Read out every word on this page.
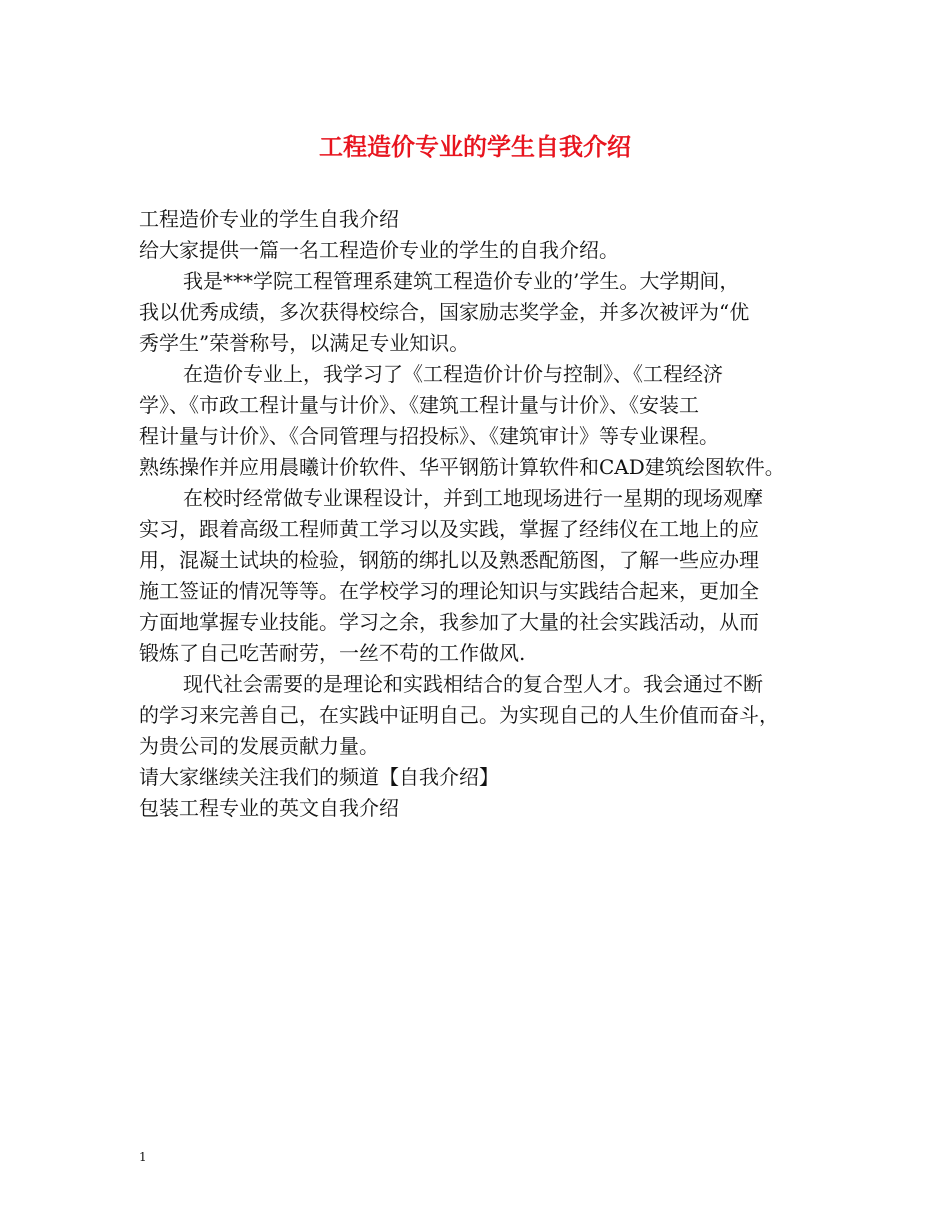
工程造价专业的学生自我介绍
工程造价专业的学生自我介绍
给大家提供一篇一名工程造价专业的学生的自我介绍。
我是***学院工程管理系建筑工程造价专业的’学生。大学期间，
我以优秀成绩，多次获得校综合，国家励志奖学金，并多次被评为“优
秀学生”荣誉称号，以满足专业知识。
在造价专业上，我学习了《工程造价计价与控制》、《工程经济
学》、《市政工程计量与计价》、《建筑工程计量与计价》、《安装工
程计量与计价》、《合同管理与招投标》、《建筑审计》等专业课程。
熟练操作并应用晨曦计价软件、华平钢筋计算软件和CAD建筑绘图软件。
在校时经常做专业课程设计，并到工地现场进行一星期的现场观摩
实习，跟着高级工程师黄工学习以及实践，掌握了经纬仪在工地上的应
用，混凝土试块的检验，钢筋的绑扎以及熟悉配筋图，了解一些应办理
施工签证的情况等等。在学校学习的理论知识与实践结合起来，更加全
方面地掌握专业技能。学习之余，我参加了大量的社会实践活动，从而
锻炼了自己吃苦耐劳，一丝不苟的工作做风.
现代社会需要的是理论和实践相结合的复合型人才。我会通过不断
的学习来完善自己，在实践中证明自己。为实现自己的人生价值而奋斗，
为贵公司的发展贡献力量。
请大家继续关注我们的频道【自我介绍】
包装工程专业的英文自我介绍
1
